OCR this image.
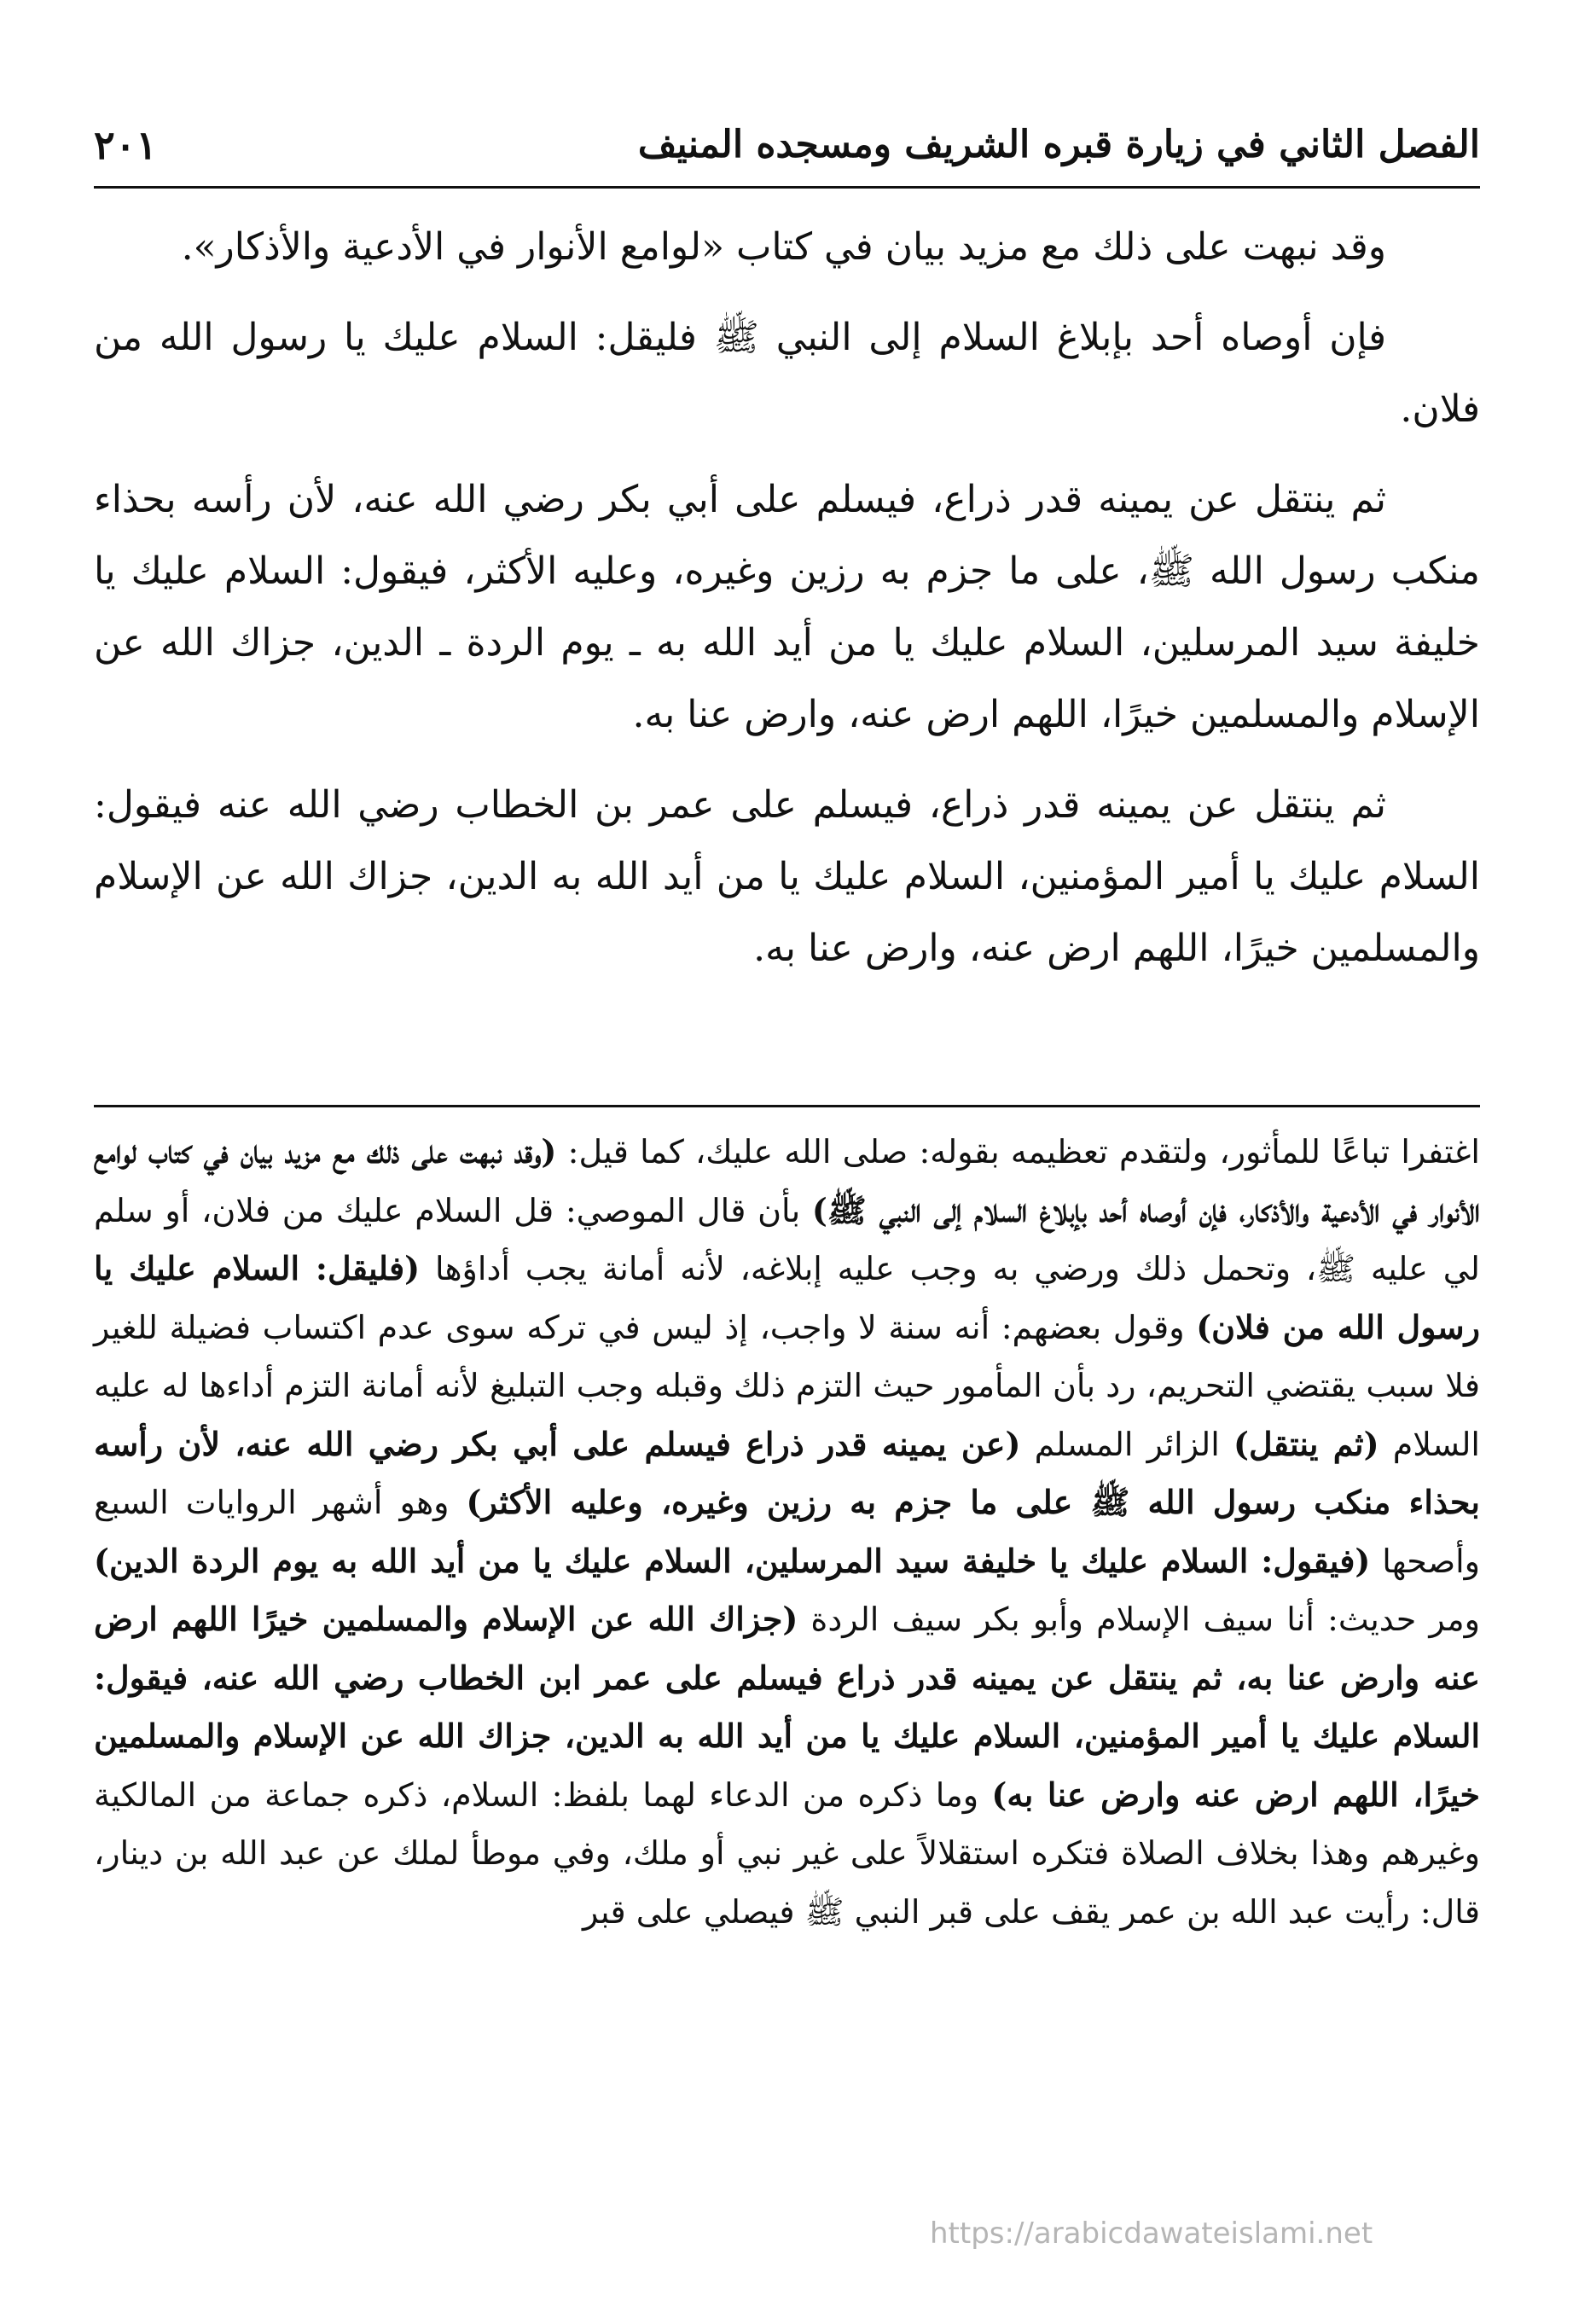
الفصل الثاني في زيارة قبره الشريف ومسجده المنيف
٢٠١

وقد نبهت على ذلك مع مزيد بيان في كتاب «لوامع الأنوار في الأدعية والأذكار».

فإن أوصاه أحد بإبلاغ السلام إلى النبي ﷺ فليقل: السلام عليك يا رسول الله من فلان.

ثم ينتقل عن يمينه قدر ذراع، فيسلم على أبي بكر رضي الله عنه، لأن رأسه بحذاء منكب رسول الله ﷺ، على ما جزم به رزين وغيره، وعليه الأكثر، فيقول: السلام عليك يا خليفة سيد المرسلين، السلام عليك يا من أيد الله به ـ يوم الردة ـ الدين، جزاك الله عن الإسلام والمسلمين خيرًا، اللهم ارض عنه، وارض عنا به.

ثم ينتقل عن يمينه قدر ذراع، فيسلم على عمر بن الخطاب رضي الله عنه فيقول: السلام عليك يا أمير المؤمنين، السلام عليك يا من أيد الله به الدين، جزاك الله عن الإسلام والمسلمين خيرًا، اللهم ارض عنه، وارض عنا به.

اغتفرا تباعًا للمأثور، ولتقدم تعظيمه بقوله: صلى الله عليك، كما قيل: (وقد نبهت على ذلك مع مزيد بيان في كتاب لوامع الأنوار في الأدعية والأذكار، فإن أوصاه أحد بإبلاغ السلام إلى النبي ﷺ) بأن قال الموصي: قل السلام عليك من فلان، أو سلم لي عليه ﷺ، وتحمل ذلك ورضي به وجب عليه إبلاغه، لأنه أمانة يجب أداؤها (فليقل: السلام عليك يا رسول الله من فلان) وقول بعضهم: أنه سنة لا واجب، إذ ليس في تركه سوى عدم اكتساب فضيلة للغير فلا سبب يقتضي التحريم، رد بأن المأمور حيث التزم ذلك وقبله وجب التبليغ لأنه أمانة التزم أداءها له عليه السلام (ثم ينتقل) الزائر المسلم (عن يمينه قدر ذراع فيسلم على أبي بكر رضي الله عنه، لأن رأسه بحذاء منكب رسول الله ﷺ على ما جزم به رزين وغيره، وعليه الأكثر) وهو أشهر الروايات السبع وأصحها (فيقول: السلام عليك يا خليفة سيد المرسلين، السلام عليك يا من أيد الله به يوم الردة الدين) ومر حديث: أنا سيف الإسلام وأبو بكر سيف الردة (جزاك الله عن الإسلام والمسلمين خيرًا اللهم ارض عنه وارض عنا به، ثم ينتقل عن يمينه قدر ذراع فيسلم على عمر ابن الخطاب رضي الله عنه، فيقول: السلام عليك يا أمير المؤمنين، السلام عليك يا من أيد الله به الدين، جزاك الله عن الإسلام والمسلمين خيرًا، اللهم ارض عنه وارض عنا به) وما ذكره من الدعاء لهما بلفظ: السلام، ذكره جماعة من المالكية وغيرهم وهذا بخلاف الصلاة فتكره استقلالاً على غير نبي أو ملك، وفي موطأ لملك عن عبد الله بن دينار، قال: رأيت عبد الله بن عمر يقف على قبر النبي ﷺ فيصلي على قبر

https://arabicdawateislami.net
